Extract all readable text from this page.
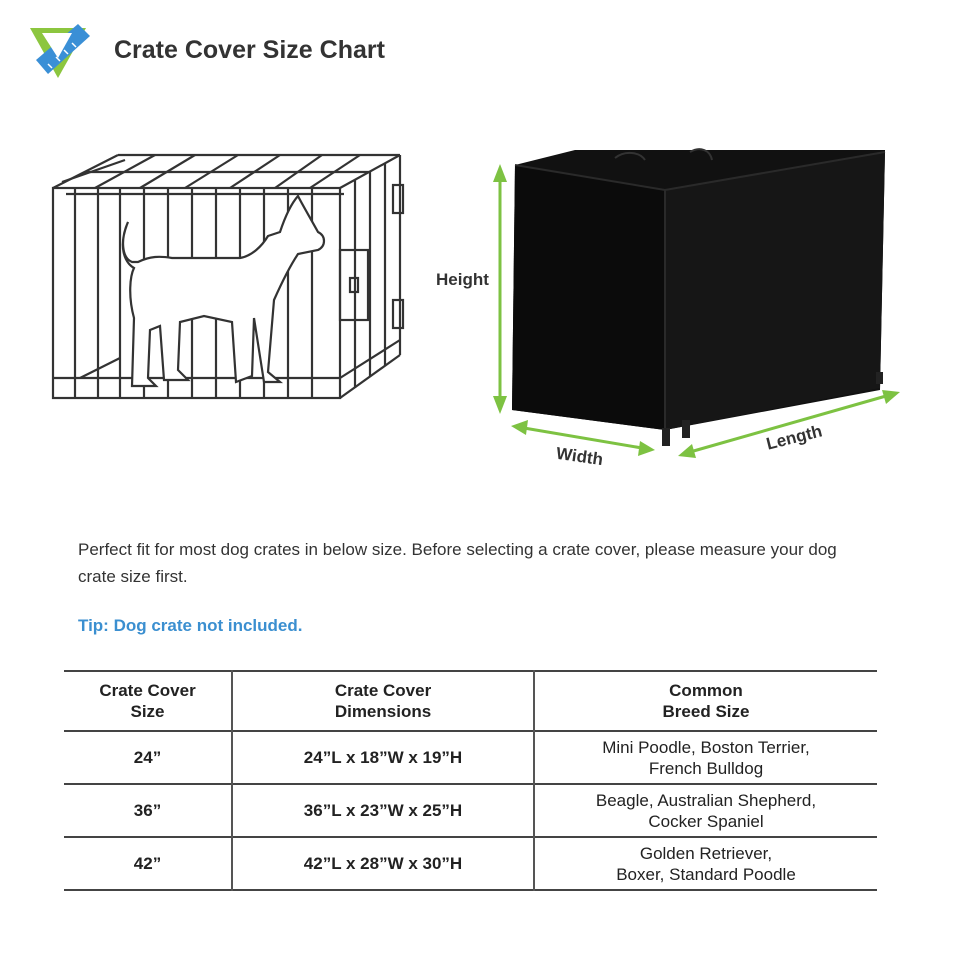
Crate Cover Size Chart
Height
Width
Length
Perfect fit for most dog crates in below size. Before selecting a crate cover, please measure your dog crate size first.
Tip: Dog crate not included.
Crate Cover Size	Crate Cover Dimensions	Common Breed Size
24”	24”L x 18”W x 19”H	Mini Poodle, Boston Terrier,
French Bulldog

36”	36”L x 23”W x 25”H	Beagle, Australian Shepherd,
Cocker Spaniel

42”	42”L x 28”W x 30”H	Golden Retriever,
Boxer, Standard Poodle
